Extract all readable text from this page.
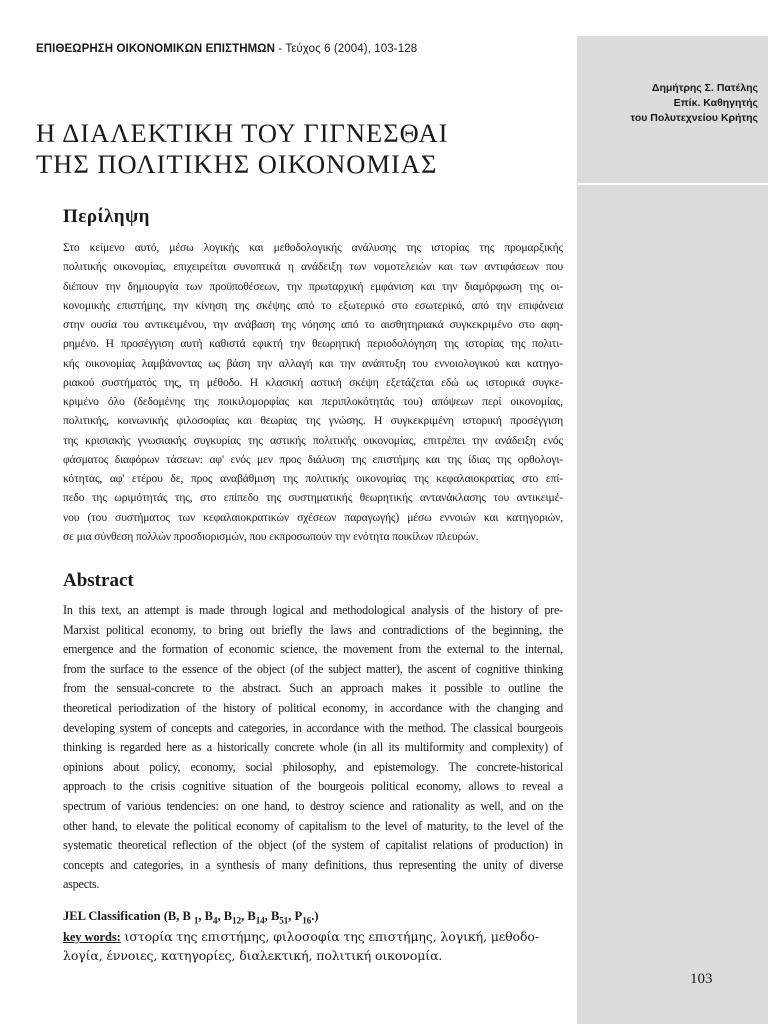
ΕΠΙΘΕΩΡΗΣΗ ΟΙΚΟΝΟΜΙΚΩΝ ΕΠΙΣΤΗΜΩΝ - Τεύχος 6 (2004), 103-128
Δημήτρης Σ. Πατέλης
Επίκ. Καθηγητής
του Πολυτεχνείου Κρήτης
Η ΔΙΑΛΕΚΤΙΚΗ ΤΟΥ ΓΙΓΝΕΣΘΑΙ
ΤΗΣ ΠΟΛΙΤΙΚΗΣ ΟΙΚΟΝΟΜΙΑΣ
Περίληψη
Στο κείμενο αυτό, μέσω λογικής και μεθοδολογικής ανάλυσης της ιστορίας της προμαρξικής
πολιτικής οικονομίας, επιχειρείται συνοπτικά η ανάδειξη των νομοτελειών και των αντιφάσεων που
διέπουν την δημιουργία των προϋποθέσεων, την πρωταρχική εμφάνιση και την διαμόρφωση της οι-
κονομικής επιστήμης, την κίνηση της σκέψης από το εξωτερικό στο εσωτερικό, από την επιφάνεια
στην ουσία του αντικειμένου, την ανάβαση της νόησης από το αισθητηριακά συγκεκριμένο στο αφη-
ρημένο. Η προσέγγιση αυτή καθιστά εφικτή την θεωρητική περιοδολόγηση της ιστορίας της πολιτι-
κής οικονομίας λαμβάνοντας ως βάση την αλλαγή και την ανάπτυξη του εννοιολογικού και κατηγο-
ριακού συστήματός της, τη μέθοδο. Η κλασική αστική σκέψη εξετάζεται εδώ ως ιστορικά συγκε-
κριμένο όλο (δεδομένης της ποικιλομορφίας και περιπλοκότητάς του) απόψεων περί οικονομίας,
πολιτικής, κοινωνικής φιλοσοφίας και θεωρίας της γνώσης. Η συγκεκριμένη ιστορική προσέγγιση
της κρισιακής γνωσιακής συγκυρίας της αστικής πολιτικής οικονομίας, επιτρέπει την ανάδειξη ενός
φάσματος διαφόρων τάσεων: αφ' ενός μεν προς διάλυση της επιστήμης και της ίδιας της ορθολογι-
κότητας, αφ' ετέρου δε, προς αναβάθμιση της πολιτικής οικονομίας της κεφαλαιοκρατίας στο επί-
πεδο της ωριμότητάς της, στο επίπεδο της συστηματικής θεωρητικής αντανάκλασης του αντικειμέ-
νου (του συστήματος των κεφαλαιοκρατικών σχέσεων παραγωγής) μέσω εννοιών και κατηγοριών,
σε μια σύνθεση πολλών προσδιορισμών, που εκπροσωπούν την ενότητα ποικίλων πλευρών.
Abstract
In this text, an attempt is made through logical and methodological analysis of the history of pre-
Marxist political economy, to bring out briefly the laws and contradictions of the beginning, the
emergence and the formation of economic science, the movement from the external to the internal,
from the surface to the essence of the object (of the subject matter), the ascent of cognitive thinking
from the sensual-concrete to the abstract. Such an approach makes it possible to outline the
theoretical periodization of the history of political economy, in accordance with the changing and
developing system of concepts and categories, in accordance with the method. The classical bourgeois
thinking is regarded here as a historically concrete whole (in all its multiformity and complexity) of
opinions about policy, economy, social philosophy, and epistemology. The concrete-historical
approach to the crisis cognitive situation of the bourgeois political economy, allows to reveal a
spectrum of various tendencies: on one hand, to destroy science and rationality as well, and on the
other hand, to elevate the political economy of capitalism to the level of maturity, to the level of the
systematic theoretical reflection of the object (of the system of capitalist relations of production) in
concepts and categories, in a synthesis of many definitions, thus representing the unity of diverse
aspects.
JEL Classification (B, B $_1$, $B_4$, $B_{12}$, $B_{14}$, $B_{51}$, $P_{16}$.)
key words: ιστορία της επιστήμης, φιλοσοφία της επιστήμης, λογική, μεθοδο-
λογία, έννοιες, κατηγορίες, διαλεκτική, πολιτική οικονομία.
103
